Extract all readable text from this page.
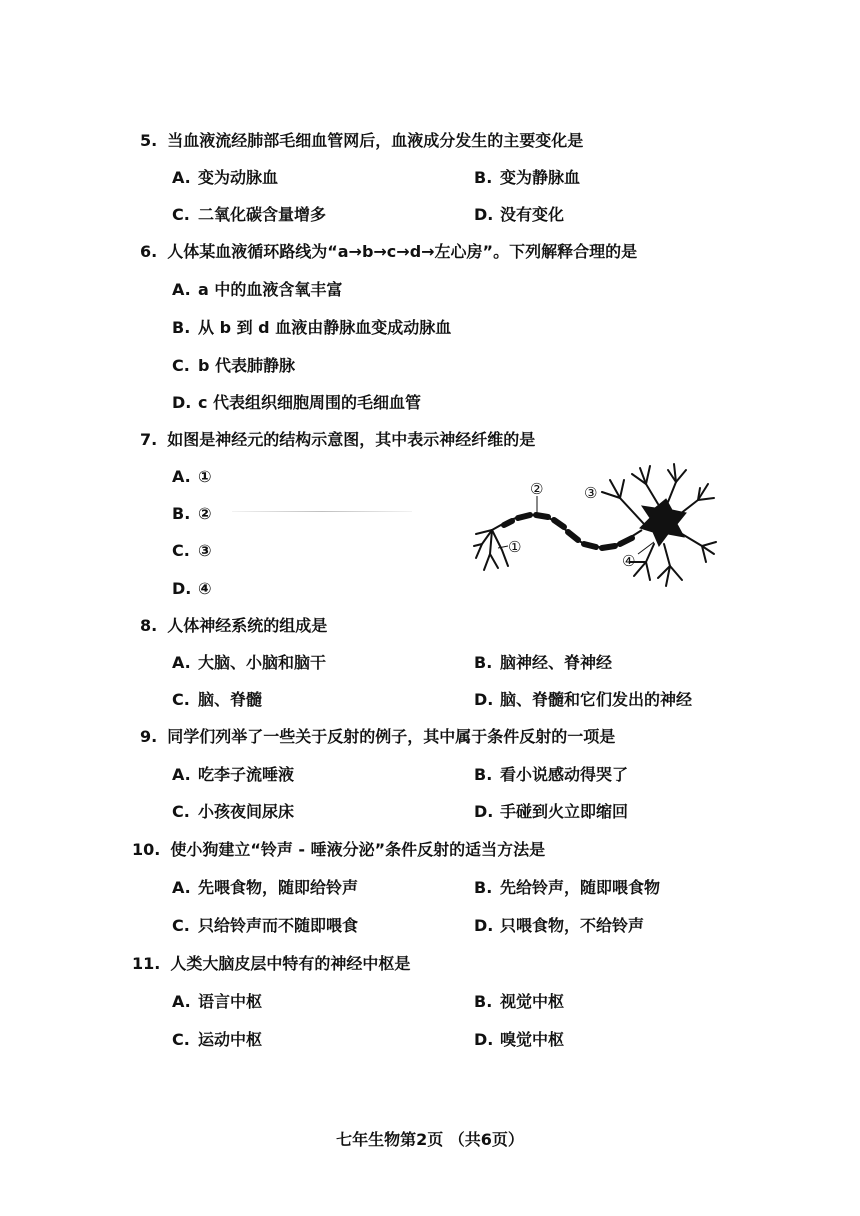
5. 当血液流经肺部毛细血管网后，血液成分发生的主要变化是
A. 变为动脉血	B. 变为静脉血
C. 二氧化碳含量增多	D. 没有变化
6. 人体某血液循环路线为“a→b→c→d→左心房”。下列解释合理的是
A. a 中的血液含氧丰富
B. 从 b 到 d 血液由静脉血变成动脉血
C. b 代表肺静脉
D. c 代表组织细胞周围的毛细血管
7. 如图是神经元的结构示意图，其中表示神经纤维的是
A. ①
B. ②
C. ③
D. ④
①
②	③
④
8. 人体神经系统的组成是
A. 大脑、小脑和脑干	B. 脑神经、脊神经
C. 脑、脊髓	D. 脑、脊髓和它们发出的神经
9. 同学们列举了一些关于反射的例子，其中属于条件反射的一项是
A. 吃李子流唾液	B. 看小说感动得哭了
C. 小孩夜间尿床	D. 手碰到火立即缩回
10. 使小狗建立“铃声 - 唾液分泌”条件反射的适当方法是
A. 先喂食物，随即给铃声	B. 先给铃声，随即喂食物
C. 只给铃声而不随即喂食	D. 只喂食物，不给铃声
11. 人类大脑皮层中特有的神经中枢是
A. 语言中枢	B. 视觉中枢
C. 运动中枢	D. 嗅觉中枢
七年生物第2页 （共6页）
